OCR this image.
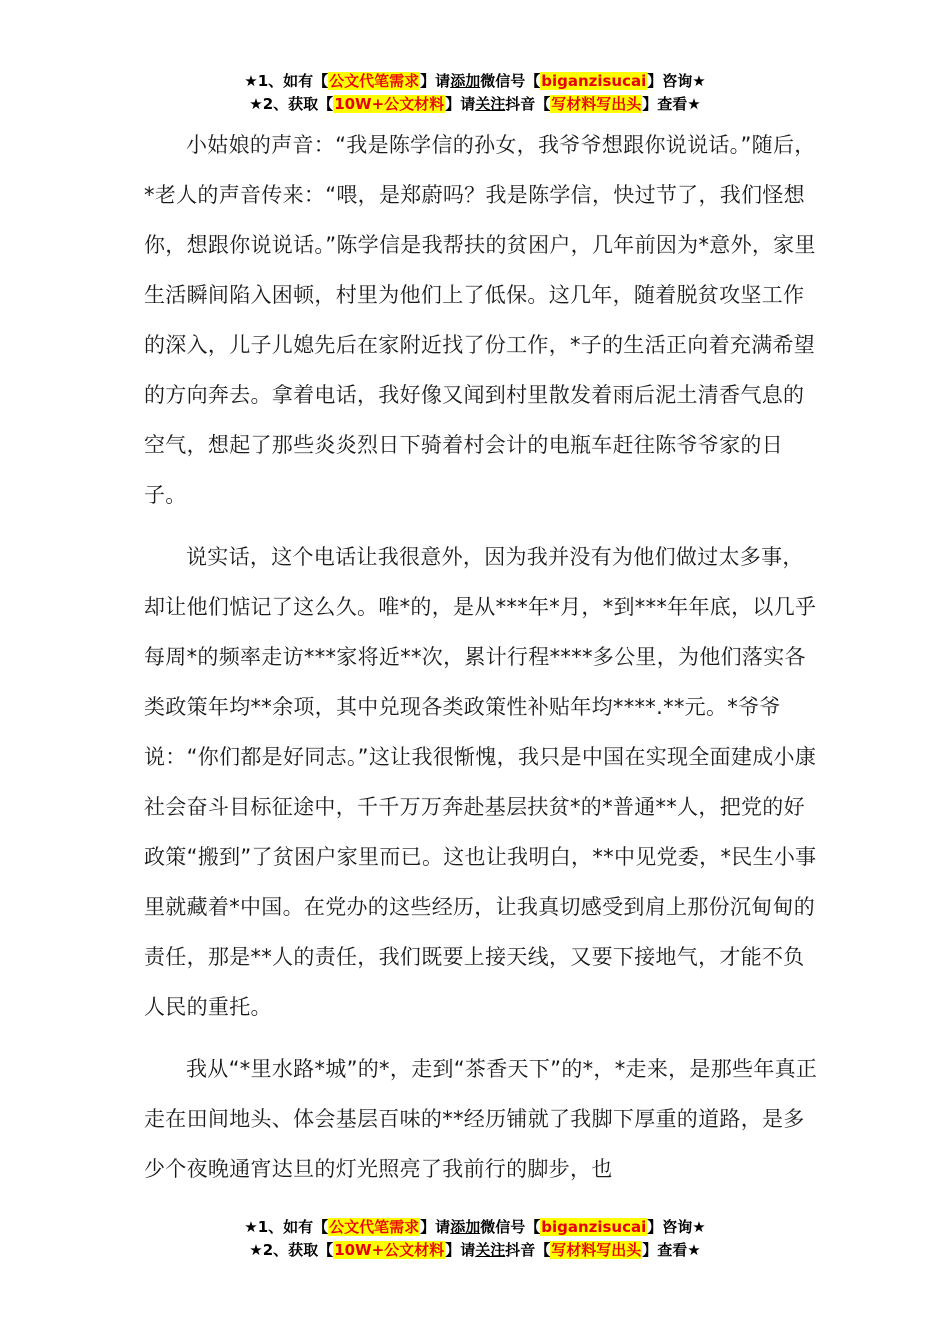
★1、如有【公文代笔需求】请添加微信号【biganzisucai】咨询★
★2、获取【10W+公文材料】请关注抖音【写材料写出头】查看★

小姑娘的声音：“我是陈学信的孙女，我爷爷想跟你说说话。”随后，*老人的声音传来：“喂，是郑蔚吗？我是陈学信，快过节了，我们怪想你，想跟你说说话。”陈学信是我帮扶的贫困户，几年前因为*意外，家里生活瞬间陷入困顿，村里为他们上了低保。这几年，随着脱贫攻坚工作的深入，儿子儿媳先后在家附近找了份工作，*子的生活正向着充满希望的方向奔去。拿着电话，我好像又闻到村里散发着雨后泥土清香气息的空气，想起了那些炎炎烈日下骑着村会计的电瓶车赶往陈爷爷家的日子。

说实话，这个电话让我很意外，因为我并没有为他们做过太多事，却让他们惦记了这么久。唯*的，是从***年*月，*到***年年底，以几乎每周*的频率走访***家将近**次，累计行程****多公里，为他们落实各类政策年均**余项，其中兑现各类政策性补贴年均****.**元。*爷爷说：“你们都是好同志。”这让我很惭愧，我只是中国在实现全面建成小康社会奋斗目标征途中，千千万万奔赴基层扶贫*的*普通**人，把党的好政策“搬到”了贫困户家里而已。这也让我明白，**中见党委，*民生小事里就藏着*中国。在党办的这些经历，让我真切感受到肩上那份沉甸甸的责任，那是**人的责任，我们既要上接天线，又要下接地气，才能不负人民的重托。

我从“*里水路*城”的*，走到“茶香天下”的*，*走来，是那些年真正走在田间地头、体会基层百味的**经历铺就了我脚下厚重的道路，是多少个夜晚通宵达旦的灯光照亮了我前行的脚步，也

★1、如有【公文代笔需求】请添加微信号【biganzisucai】咨询★
★2、获取【10W+公文材料】请关注抖音【写材料写出头】查看★
